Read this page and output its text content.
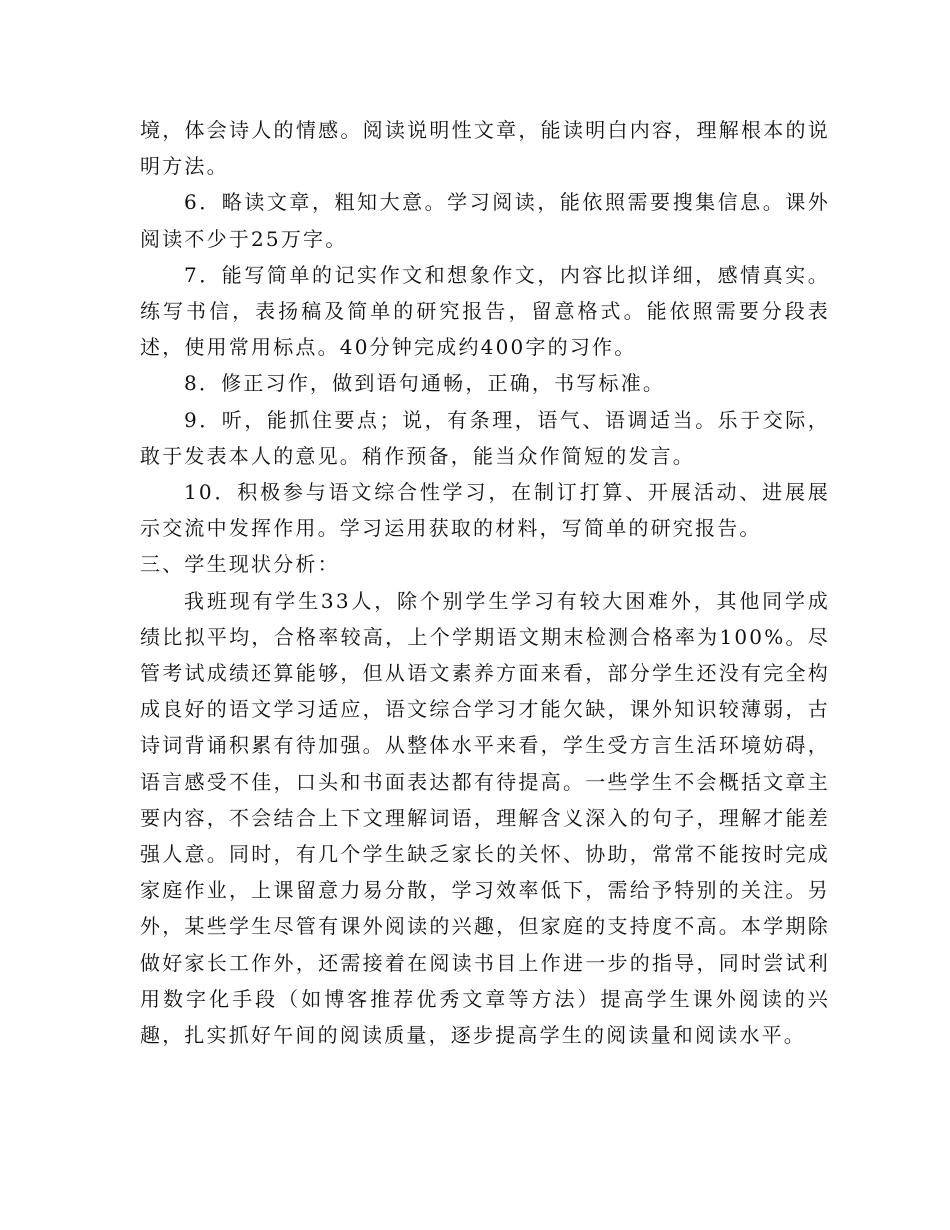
境，体会诗人的情感。阅读说明性文章，能读明白内容，理解根本的说明方法。

6．略读文章，粗知大意。学习阅读，能依照需要搜集信息。课外阅读不少于25万字。

7．能写简单的记实作文和想象作文，内容比拟详细，感情真实。练写书信，表扬稿及简单的研究报告，留意格式。能依照需要分段表述，使用常用标点。40分钟完成约400字的习作。

8．修正习作，做到语句通畅，正确，书写标准。

9．听，能抓住要点；说，有条理，语气、语调适当。乐于交际，敢于发表本人的意见。稍作预备，能当众作简短的发言。

10．积极参与语文综合性学习，在制订打算、开展活动、进展展示交流中发挥作用。学习运用获取的材料，写简单的研究报告。

三、学生现状分析：

我班现有学生33人，除个别学生学习有较大困难外，其他同学成绩比拟平均，合格率较高，上个学期语文期末检测合格率为100%。尽管考试成绩还算能够，但从语文素养方面来看，部分学生还没有完全构成良好的语文学习适应，语文综合学习才能欠缺，课外知识较薄弱，古诗词背诵积累有待加强。从整体水平来看，学生受方言生活环境妨碍，语言感受不佳，口头和书面表达都有待提高。一些学生不会概括文章主要内容，不会结合上下文理解词语，理解含义深入的句子，理解才能差强人意。同时，有几个学生缺乏家长的关怀、协助，常常不能按时完成家庭作业，上课留意力易分散，学习效率低下，需给予特别的关注。另外，某些学生尽管有课外阅读的兴趣，但家庭的支持度不高。本学期除做好家长工作外，还需接着在阅读书目上作进一步的指导，同时尝试利用数字化手段（如博客推荐优秀文章等方法）提高学生课外阅读的兴趣，扎实抓好午间的阅读质量，逐步提高学生的阅读量和阅读水平。
